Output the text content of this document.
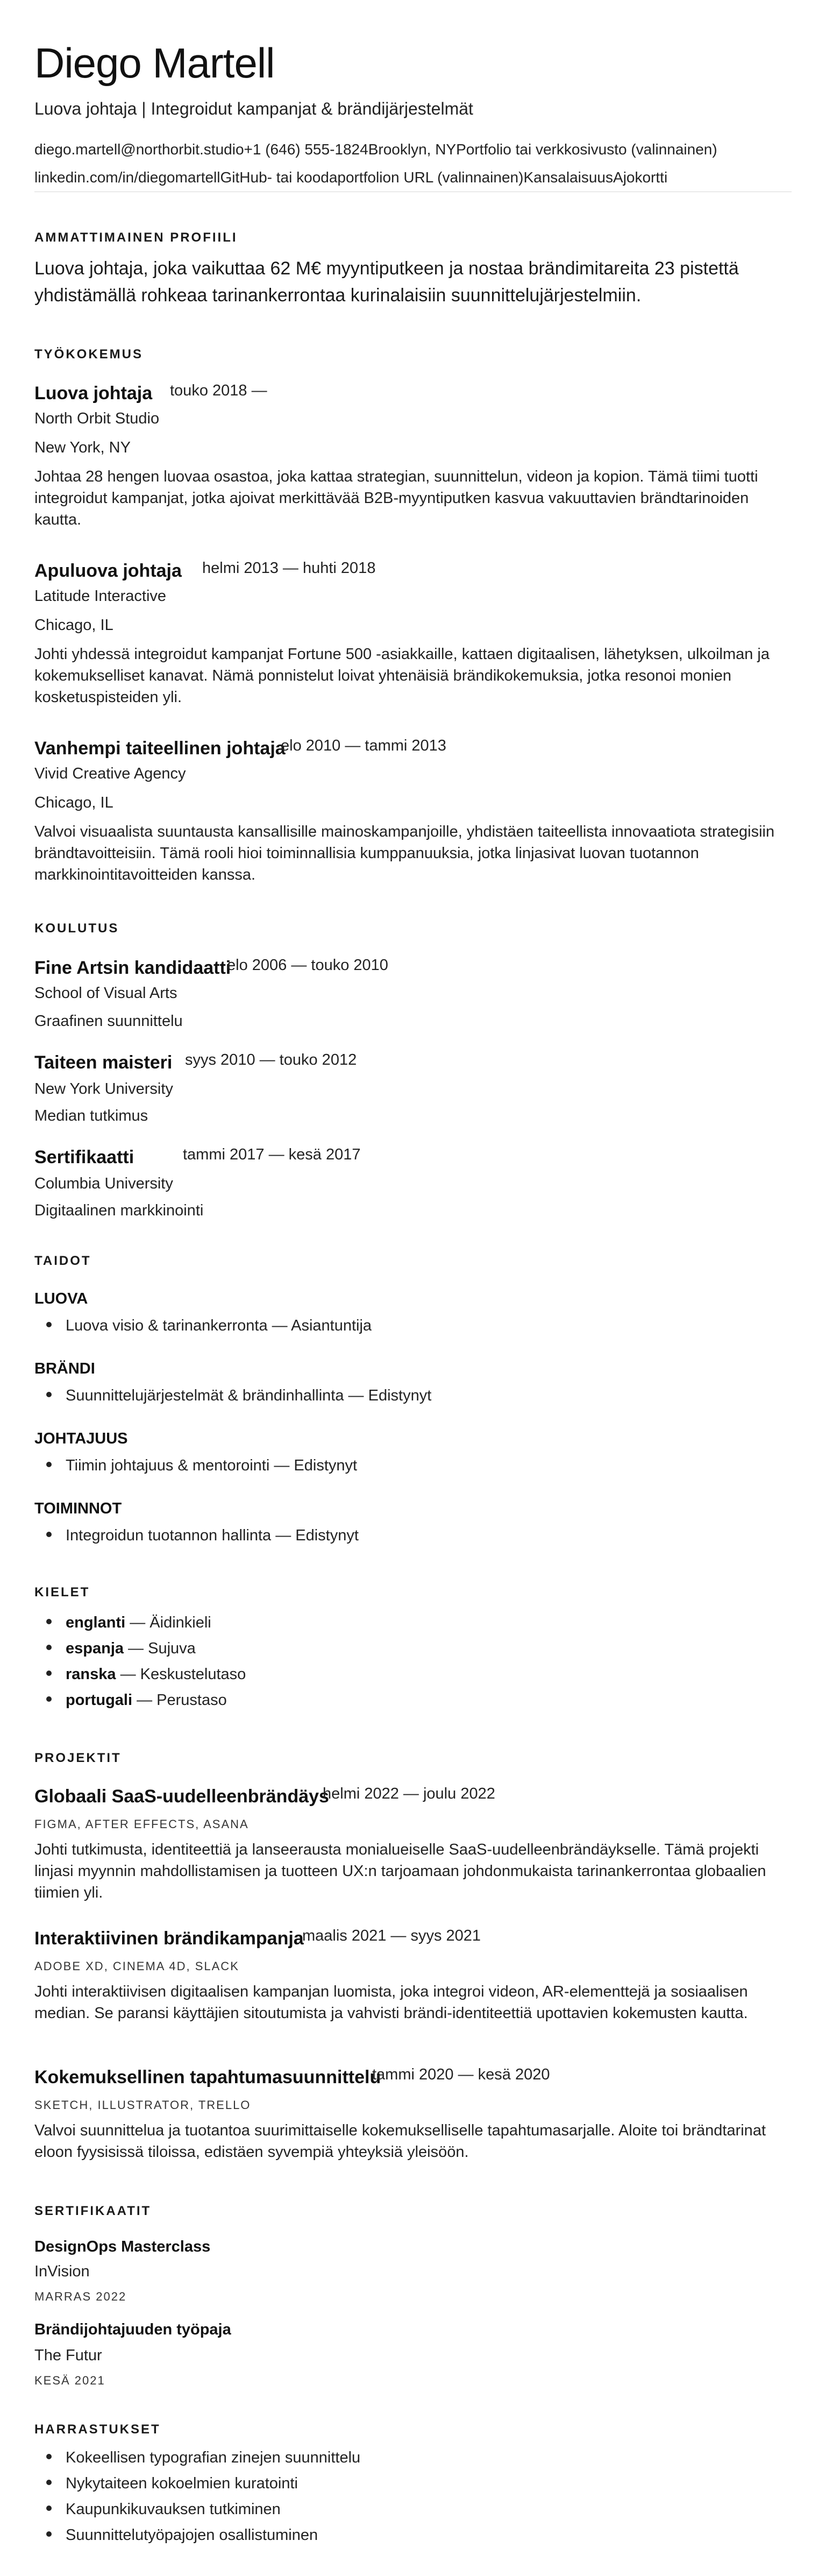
Diego Martell
Luova johtaja | Integroidut kampanjat & brändijärjestelmät
diego.martell@northorbit.studio+1 (646) 555-1824Brooklyn, NYPortfolio tai verkkosivusto (valinnainen)
linkedin.com/in/diegomartellGitHub- tai koodaportfolion URL (valinnainen)KansalaisuusAjokortti
AMMATTIMAINEN PROFIILI
Luova johtaja, joka vaikuttaa 62 M€ myyntiputkeen ja nostaa brändimitareita 23 pistettä yhdistämällä rohkeaa tarinankerrontaa kurinalaisiin suunnittelujärjestelmiin.
TYÖKOKEMUS
Luova johtaja touko 2018 —
North Orbit Studio
New York, NY
Johtaa 28 hengen luovaa osastoa, joka kattaa strategian, suunnittelun, videon ja kopion. Tämä tiimi tuotti integroidut kampanjat, jotka ajoivat merkittävää B2B-myyntiputken kasvua vakuuttavien brändtarinoiden kautta.
Apuluova johtaja helmi 2013 — huhti 2018
Latitude Interactive
Chicago, IL
Johti yhdessä integroidut kampanjat Fortune 500 -asiakkaille, kattaen digitaalisen, lähetyksen, ulkoilman ja kokemukselliset kanavat. Nämä ponnistelut loivat yhtenäisiä brändikokemuksia, jotka resonoi monien kosketuspisteiden yli.
Vanhempi taiteellinen johtaja
elo 2010 — tammi 2013
Vivid Creative Agency
Chicago, IL
Valvoi visuaalista suuntausta kansallisille mainoskampanjoille, yhdistäen taiteellista innovaatiota strategisiin brändtavoitteisiin. Tämä rooli hioi toiminnallisia kumppanuuksia, jotka linjasivat luovan tuotannon markkinointitavoitteiden kanssa.
KOULUTUS
Fine Artsin kandidaatti
elo 2006 — touko 2010
School of Visual Arts
Graafinen suunnittelu
Taiteen maisteri syys 2010 — touko 2012
New York University
Median tutkimus
Sertifikaatti	tammi 2017 — kesä 2017
Columbia University
Digitaalinen markkinointi
TAIDOT
LUOVA
Luova visio & tarinankerronta — Asiantuntija
BRÄNDI
Suunnittelujärjestelmät & brändinhallinta — Edistynyt
JOHTAJUUS
Tiimin johtajuus & mentorointi — Edistynyt
TOIMINNOT
Integroidun tuotannon hallinta — Edistynyt
KIELET
englanti — Äidinkieli
espanja — Sujuva
ranska — Keskustelutaso
portugali — Perustaso
PROJEKTIT
Globaali SaaS-uudelleenbrändäys
helmi 2022 — joulu 2022
FIGMA, AFTER EFFECTS, ASANA
Johti tutkimusta, identiteettiä ja lanseerausta monialueiselle SaaS-uudelleenbrändäykselle. Tämä projekti linjasi myynnin mahdollistamisen ja tuotteen UX:n tarjoamaan johdonmukaista tarinankerrontaa globaalien tiimien yli.
Interaktiivinen brändikampanja
maalis 2021 — syys 2021
ADOBE XD, CINEMA 4D, SLACK
Johti interaktiivisen digitaalisen kampanjan luomista, joka integroi videon, AR-elementtejä ja sosiaalisen median. Se paransi käyttäjien sitoutumista ja vahvisti brändi-identiteettiä upottavien kokemusten kautta.
Kokemuksellinen tapahtumasuunnittelu
tammi 2020 — kesä 2020
SKETCH, ILLUSTRATOR, TRELLO
Valvoi suunnittelua ja tuotantoa suurimittaiselle kokemukselliselle tapahtumasarjalle. Aloite toi brändtarinat eloon fyysisissä tiloissa, edistäen syvempiä yhteyksiä yleisöön.
SERTIFIKAATIT
DesignOps Masterclass
InVision
MARRAS 2022
Brändijohtajuuden työpaja
The Futur
KESÄ 2021
HARRASTUKSET
Kokeellisen typografian zinejen suunnittelu
Nykytaiteen kokoelmien kuratointi
Kaupunkikuvauksen tutkiminen
Suunnittelutyöpajojen osallistuminen
